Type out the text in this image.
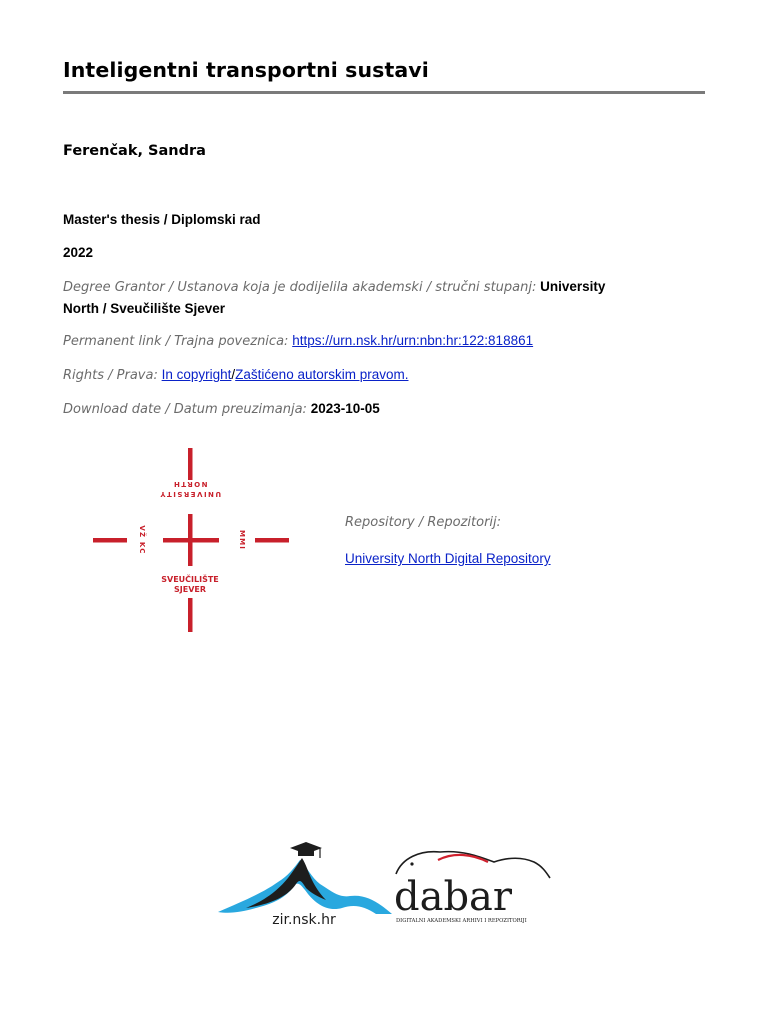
Inteligentni transportni sustavi
Ferenčak, Sandra
Master's thesis / Diplomski rad
2022
Degree Grantor / Ustanova koja je dodijelila akademski / stručni stupanj: University
North / Sveučilište Sjever
Permanent link / Trajna poveznica: https://urn.nsk.hr/urn:nbn:hr:122:818861
Rights / Prava: In copyright/Zaštićeno autorskim pravom.
Download date / Datum preuzimanja: 2023-10-05
UNIVERSITY
NORTH
VŽ KC	MMI
SVEUČILIŠTE
SJEVER
Repository / Repozitorij:
University North Digital Repository
zir.nsk.hr dabar
DIGITALNI AKADEMSKI ARHIVI I REPOZITORIJI
